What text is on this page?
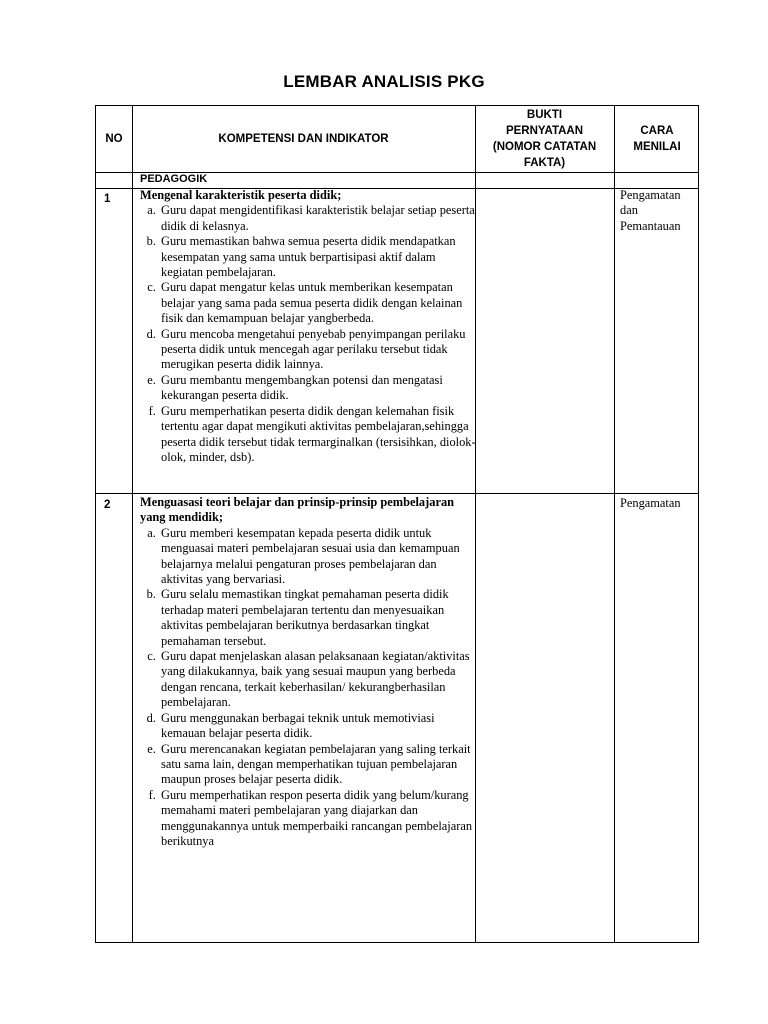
LEMBAR ANALISIS PKG
NO	KOMPETENSI DAN INDIKATOR
BUKTI
PERNYATAAN
(NOMOR CATATAN
FAKTA)
CARA
MENILAI
PEDAGOGIK
1 Mengenal karakteristik peserta didik;
a. Guru dapat mengidentifikasi karakteristik belajar setiap peserta didik di kelasnya.
b. Guru memastikan bahwa semua peserta didik mendapatkan kesempatan yang sama untuk berpartisipasi aktif dalam kegiatan pembelajaran.
c. Guru dapat mengatur kelas untuk memberikan kesempatan belajar yang sama pada semua peserta didik dengan kelainan fisik dan kemampuan belajar yangberbeda.
d. Guru mencoba mengetahui penyebab penyimpangan perilaku peserta didik untuk mencegah agar perilaku tersebut tidak merugikan peserta didik lainnya.
e. Guru membantu mengembangkan potensi dan mengatasi kekurangan peserta didik.
f. Guru memperhatikan peserta didik dengan kelemahan fisik tertentu agar dapat mengikuti aktivitas pembelajaran,sehingga peserta didik tersebut tidak termarginalkan (tersisihkan, diolok-olok, minder, dsb).
Pengamatan
dan
Pemantauan
2 Menguasasi teori belajar dan prinsip-prinsip pembelajaran yang mendidik;
a. Guru memberi kesempatan kepada peserta didik untuk menguasai materi pembelajaran sesuai usia dan kemampuan belajarnya melalui pengaturan proses pembelajaran dan aktivitas yang bervariasi.
b. Guru selalu memastikan tingkat pemahaman peserta didik terhadap materi pembelajaran tertentu dan menyesuaikan aktivitas pembelajaran berikutnya berdasarkan tingkat pemahaman tersebut.
c. Guru dapat menjelaskan alasan pelaksanaan kegiatan/aktivitas yang dilakukannya, baik yang sesuai maupun yang berbeda dengan rencana, terkait keberhasilan/ kekurangberhasilan pembelajaran.
d. Guru menggunakan berbagai teknik untuk memotiviasi kemauan belajar peserta didik.
e. Guru merencanakan kegiatan pembelajaran yang saling terkait satu sama lain, dengan memperhatikan tujuan pembelajaran maupun proses belajar peserta didik.
f. Guru memperhatikan respon peserta didik yang belum/kurang memahami materi pembelajaran yang diajarkan dan menggunakannya untuk memperbaiki rancangan pembelajaran berikutnya
Pengamatan
